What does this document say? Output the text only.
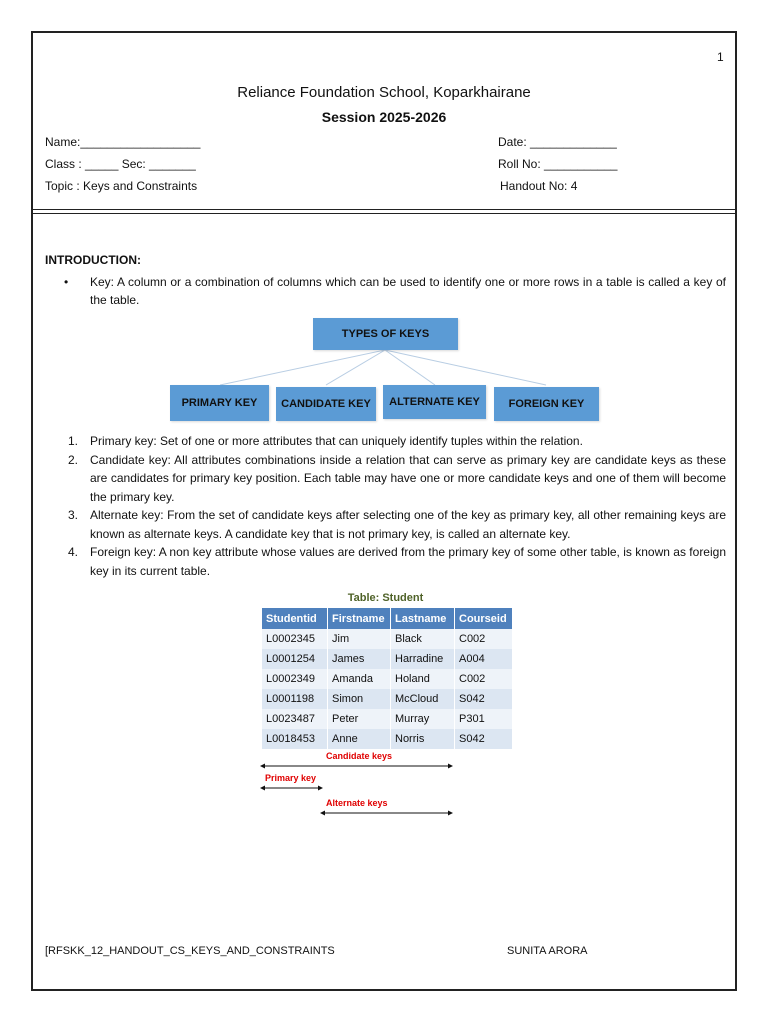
1
Reliance Foundation School, Koparkhairane
Session 2025-2026
Name:__________________	Date: _____________
Class : _____ Sec: _______	Roll No: ___________
Topic : Keys and Constraints	Handout No: 4
INTRODUCTION:
• Key: A column or a combination of columns which can be used to identify one or more rows in a table is called a key of the table.
TYPES OF KEYS
PRIMARY KEY	CANDIDATE KEY	ALTERNATE KEY	FOREIGN KEY
1. Primary key: Set of one or more attributes that can uniquely identify tuples within the relation.
2. Candidate key: All attributes combinations inside a relation that can serve as primary key are candidate keys as these are candidates for primary key position. Each table may have one or more candidate keys and one of them will become the primary key.
3. Alternate key: From the set of candidate keys after selecting one of the key as primary key, all other remaining keys are known as alternate keys. A candidate key that is not primary key, is called an alternate key.
4. Foreign key: A non key attribute whose values are derived from the primary key of some other table, is known as foreign key in its current table.
Table: Student
Studentid	Firstname	Lastname	Courseid
L0002345	Jim	Black	C002
L0001254	James	Harradine	A004
L0002349	Amanda	Holand	C002
L0001198	Simon	McCloud	S042
L0023487	Peter	Murray	P301
L0018453	Anne	Norris	S042
Candidate keys
Primary key
Alternate keys
[RFSKK_12_HANDOUT_CS_KEYS_AND_CONSTRAINTS	SUNITA ARORA
